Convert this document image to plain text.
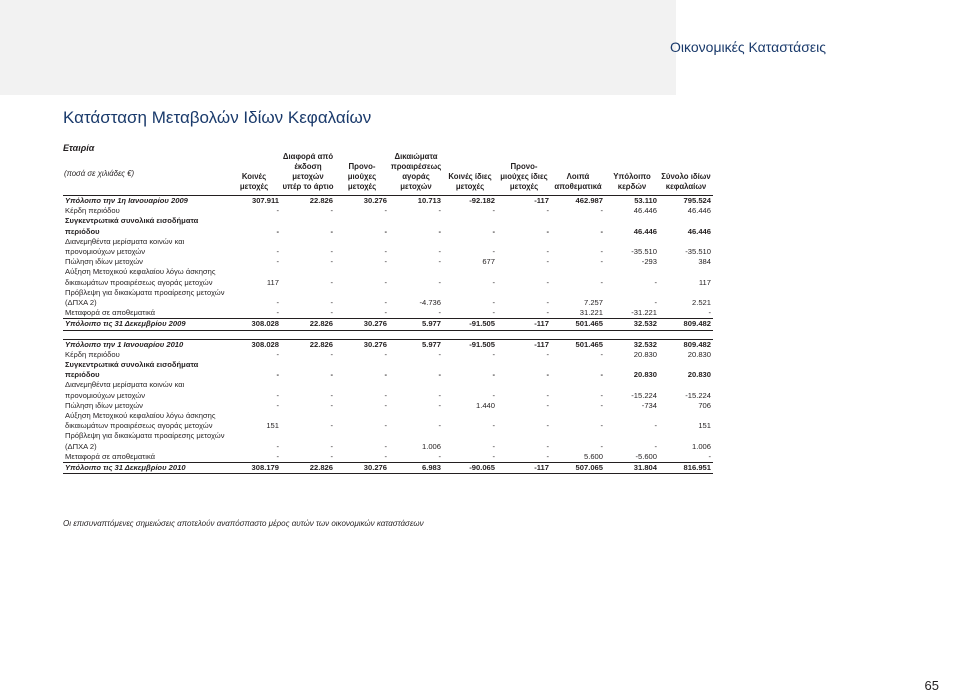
Οικονομικές Καταστάσεις
Κατάσταση Μεταβολών Ιδίων Κεφαλαίων
Εταιρία
(ποσά σε χιλιάδες €)	Κοινές μετοχές	Διαφορά από έκδοση μετοχών υπέρ το άρτιο	Προνο-μιούχες μετοχές	Δικαιώματα προαιρέσεως αγοράς μετοχών	Κοινές ίδιες μετοχές	Προνο-μιούχες ίδιες μετοχές	Λοιπά αποθεματικά	Υπόλοιπο κερδών	Σύνολο ιδίων κεφαλαίων
Υπόλοιπο την 1η Ιανουαρίου 2009	307.911	22.826	30.276	10.713	-92.182	-117	462.987	53.110	795.524
Κέρδη περιόδου	-	-	-	-	-	-	-	46.446	46.446
Συγκεντρωτικά συνολικά εισοδήματα περιόδου	-	-	-	-	-	-	-	46.446	46.446
Διανεμηθέντα μερίσματα κοινών και προνομιούχων μετοχών	-	-	-	-	-	-	-	-35.510	-35.510
Πώληση ιδίων μετοχών	-	-	-	-	677	-	-	-293	384
Αύξηση Μετοχικού κεφαλαίου λόγω άσκησης δικαιωμάτων προαιρέσεως αγοράς μετοχών	117	-	-	-	-	-	-	-	117
Πρόβλεψη για δικαιώματα προαίρεσης μετοχών (ΔΠΧΑ 2)	-	-	-	-4.736	-	-	7.257	-	2.521
Μεταφορά σε αποθεματικά	-	-	-	-	-	-	31.221	-31.221	-
Υπόλοιπο τις 31 Δεκεμβρίου 2009	308.028	22.826	30.276	5.977	-91.505	-117	501.465	32.532	809.482

Υπόλοιπο την 1 Ιανουαρίου 2010	308.028	22.826	30.276	5.977	-91.505	-117	501.465	32.532	809.482
Κέρδη περιόδου	-	-	-	-	-	-	-	20.830	20.830
Συγκεντρωτικά συνολικά εισοδήματα περιόδου	-	-	-	-	-	-	-	20.830	20.830
Διανεμηθέντα μερίσματα κοινών και προνομιούχων μετοχών	-	-	-	-	-	-	-	-15.224	-15.224
Πώληση ιδίων μετοχών	-	-	-	-	1.440	-	-	-734	706
Αύξηση Μετοχικού κεφαλαίου λόγω άσκησης δικαιωμάτων προαιρέσεως αγοράς μετοχών	151	-	-	-	-	-	-	-	151
Πρόβλεψη για δικαιώματα προαίρεσης μετοχών (ΔΠΧΑ 2)	-	-	-	1.006	-	-	-	-	1.006
Μεταφορά σε αποθεματικά	-	-	-	-	-	-	5.600	-5.600	-
Υπόλοιπο τις 31 Δεκεμβρίου 2010	308.179	22.826	30.276	6.983	-90.065	-117	507.065	31.804	816.951
Οι επισυναπτόμενες σημειώσεις αποτελούν αναπόσπαστο μέρος αυτών των οικονομικών καταστάσεων
65
